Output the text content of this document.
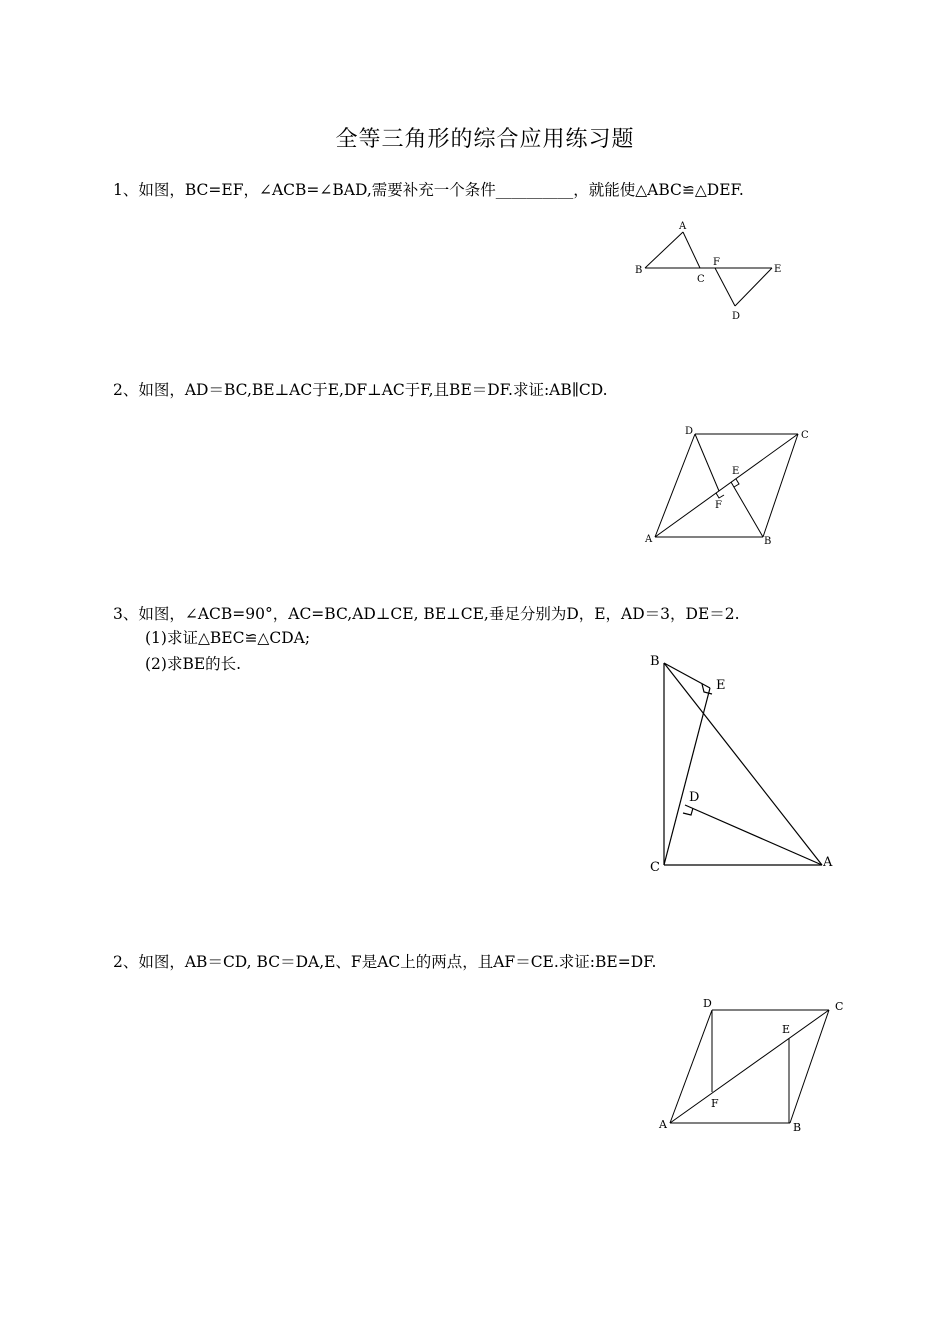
全等三角形的综合应用练习题
1、如图，BC=EF，∠ACB=∠BAD,需要补充一个条件__________，就能使△ABC≌△DEF.
A
B
C
F
E
D
2、如图，AD＝BC,BE⊥AC于E,DF⊥AC于F,且BE＝DF.求证:AB∥CD.
D	C
E
F
A	B
3、如图，∠ACB=90°，AC=BC,AD⊥CE, BE⊥CE,垂足分别为D，E，AD＝3，DE＝2.
(1)求证△BEC≌△CDA;
(2)求BE的长.	B
E
D
C	A
2、如图，AB＝CD, BC＝DA,E、F是AC上的两点，且AF＝CE.求证:BE=DF.
D	C
E
F
A	B
